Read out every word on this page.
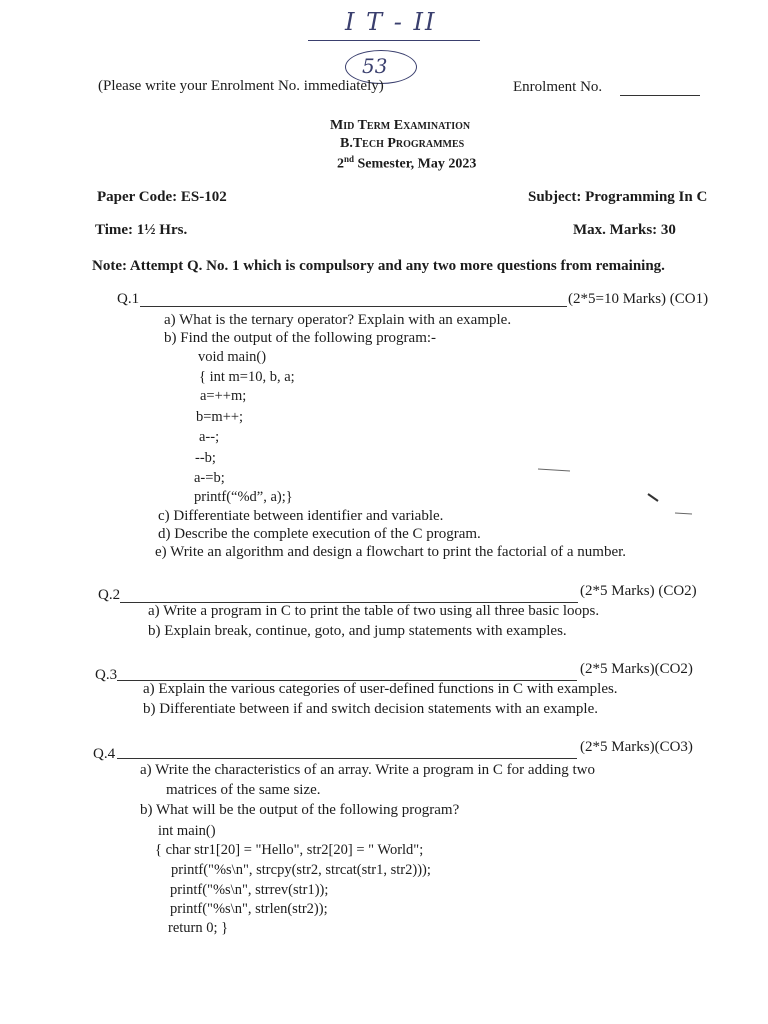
I T - II
53
(Please write your Enrolment No. immediately)	Enrolment No.
Mid Term Examination
B.Tech Programmes
2nd Semester, May 2023
Paper Code: ES-102	Subject: Programming In C
Time: 1½ Hrs.	Max. Marks: 30
Note: Attempt Q. No. 1 which is compulsory and any two more questions from remaining.
Q.1	(2*5=10 Marks) (CO1)
a) What is the ternary operator? Explain with an example.
b) Find the output of the following program:-
void main()
{ int m=10, b, a;
a=++m;
b=m++;
a--;
--b;
a-=b;
printf(“%d”, a);}
c) Differentiate between identifier and variable.
d) Describe the complete execution of the C program.
e) Write an algorithm and design a flowchart to print the factorial of a number.
Q.2	(2*5 Marks) (CO2)
a) Write a program in C to print the table of two using all three basic loops.
b) Explain break, continue, goto, and jump statements with examples.
Q.3	(2*5 Marks)(CO2)
a) Explain the various categories of user-defined functions in C with examples.
b) Differentiate between if and switch decision statements with an example.
Q.4	(2*5 Marks)(CO3)
a) Write the characteristics of an array. Write a program in C for adding two
matrices of the same size.
b) What will be the output of the following program?
int main()
{ char str1[20] = "Hello", str2[20] = " World";
printf("%s\n", strcpy(str2, strcat(str1, str2)));
printf("%s\n", strrev(str1));
printf("%s\n", strlen(str2));
return 0; }
